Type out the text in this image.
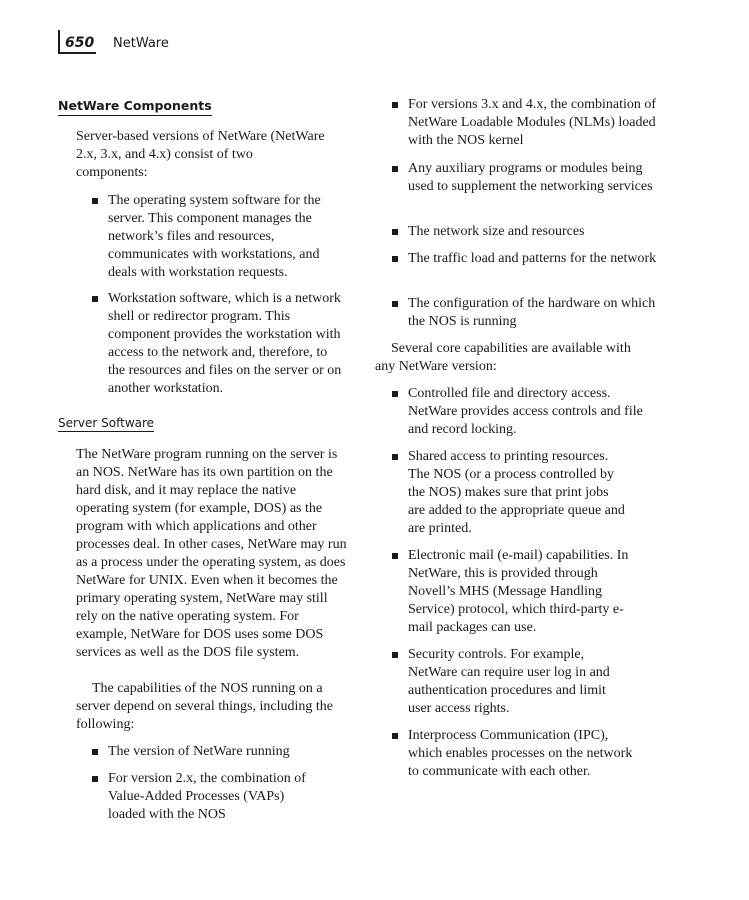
650 NetWare
NetWare Components

Server-based versions of NetWare (NetWare 2.x, 3.x, and 4.x) consist of two components:

The operating system software for the server. This component manages the network’s files and resources, communicates with workstations, and deals with workstation requests.
Workstation software, which is a network shell or redirector program. This component provides the workstation with access to the network and, therefore, to the resources and files on the server or on another workstation.
Server Software

The NetWare program running on the server is an NOS. NetWare has its own partition on the hard disk, and it may replace the native operating system (for example, DOS) as the program with which applications and other processes deal. In other cases, NetWare may run as a process under the operating system, as does NetWare for UNIX. Even when it becomes the primary operating system, NetWare may still rely on the native operating system. For example, NetWare for DOS uses some DOS services as well as the DOS file system.

The capabilities of the NOS running on a server depend on several things, including the following:

The version of NetWare running
For version 2.x, the combination of Value-Added Processes (VAPs) loaded with the NOS
For versions 3.x and 4.x, the combination of NetWare Loadable Modules (NLMs) loaded with the NOS kernel
Any auxiliary programs or modules being used to supplement the networking services
The network size and resources
The traffic load and patterns for the network
The configuration of the hardware on which the NOS is running

Several core capabilities are available with any NetWare version:

Controlled file and directory access. NetWare provides access controls and file and record locking.
Shared access to printing resources. The NOS (or a process controlled by the NOS) makes sure that print jobs are added to the appropriate queue and are printed.
Electronic mail (e-mail) capabilities. In NetWare, this is provided through Novell’s MHS (Message Handling Service) protocol, which third-party e-mail packages can use.
Security controls. For example, NetWare can require user log in and authentication procedures and limit user access rights.
Interprocess Communication (IPC), which enables processes on the network to communicate with each other.
